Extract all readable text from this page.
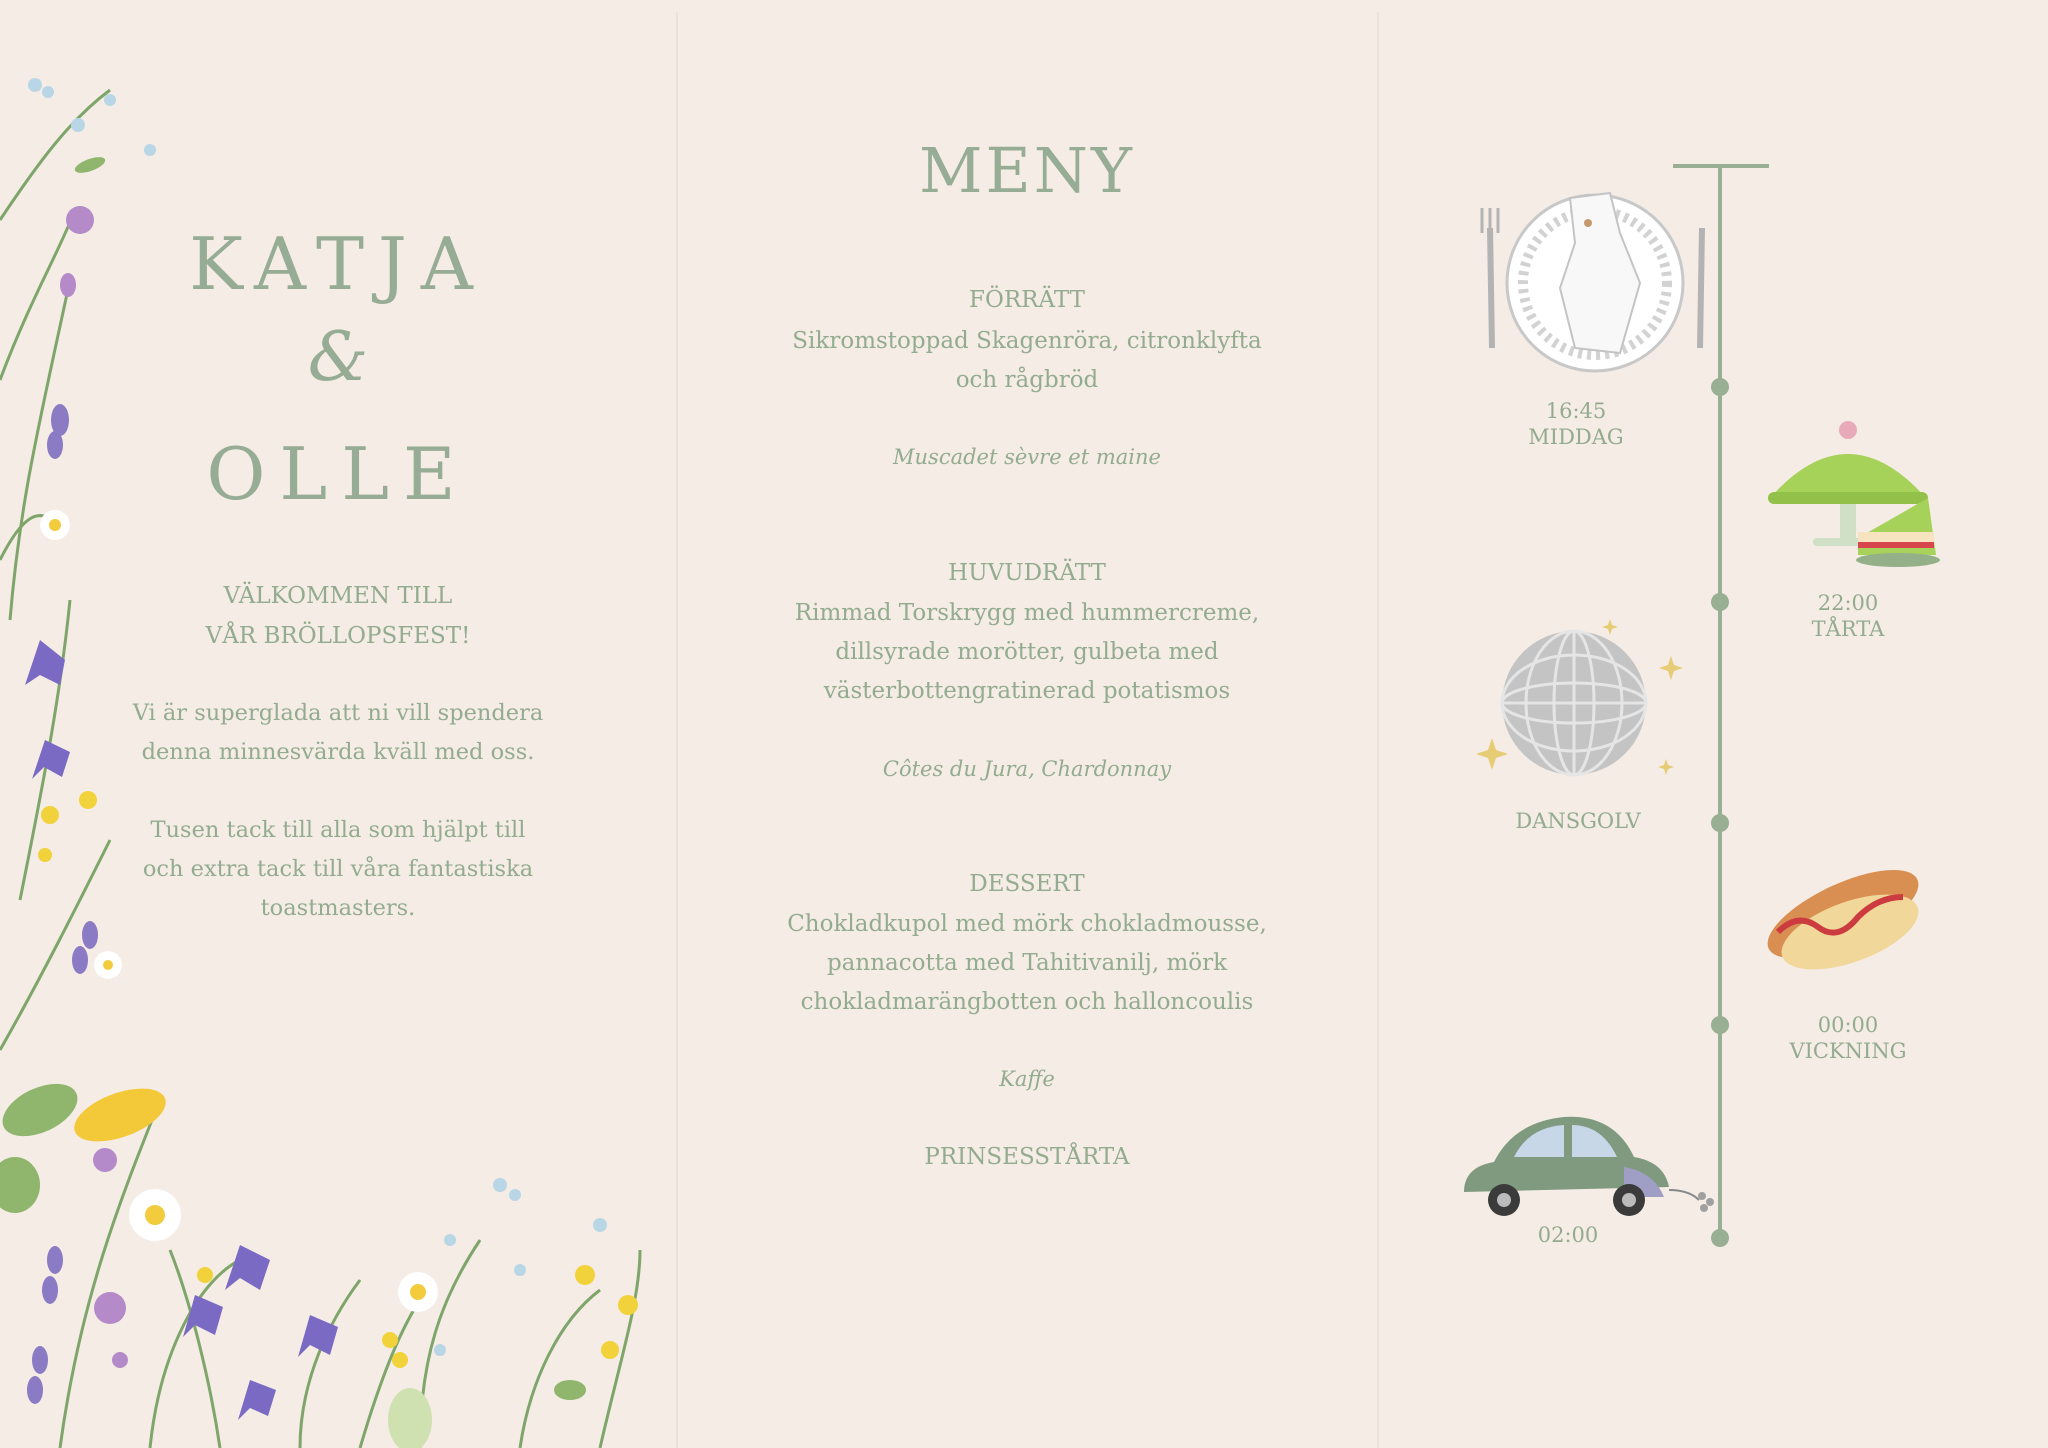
KATJA
&
OLLE
VÄLKOMMEN TILL
VÅR BRÖLLOPSFEST!
Vi är superglada att ni vill spendera
denna minnesvärda kväll med oss.
Tusen tack till alla som hjälpt till
och extra tack till våra fantastiska
toastmasters.
MENY
FÖRRÄTT
Sikromstoppad Skagenröra, citronklyfta
och rågbröd
Muscadet sèvre et maine
HUVUDRÄTT
Rimmad Torskrygg med hummercreme,
dillsyrade morötter, gulbeta med
västerbottengratinerad potatismos
Côtes du Jura, Chardonnay
DESSERT
Chokladkupol med mörk chokladmousse,
pannacotta med Tahitivanilj, mörk
chokladmarängbotten och halloncoulis
Kaffe
PRINSESSTÅRTA
16:45
MIDDAG
22:00
TÅRTA
DANSGOLV
00:00
VICKNING
02:00
